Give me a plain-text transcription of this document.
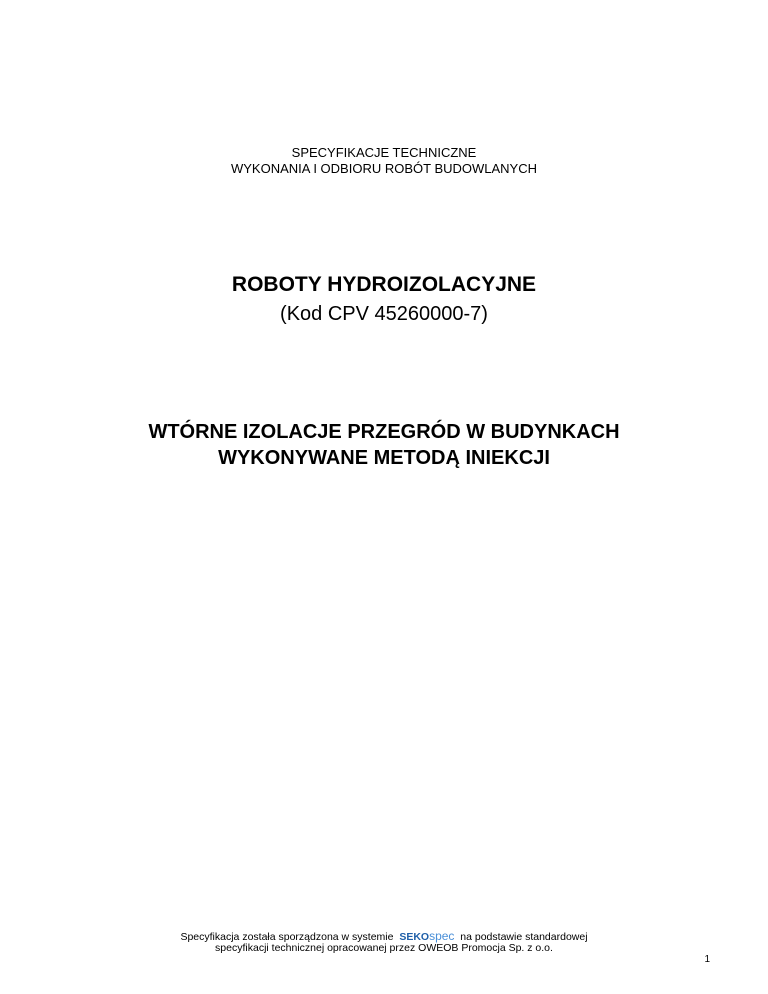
SPECYFIKACJE TECHNICZNE
WYKONANIA I ODBIORU ROBÓT BUDOWLANYCH
ROBOTY HYDROIZOLACYJNE
(Kod CPV 45260000-7)
WTÓRNE IZOLACJE PRZEGRÓD W BUDYNKACH
WYKONYWANE METODĄ INIEKCJI
Specyfikacja została sporządzona w systemie SEKOspec na podstawie standardowej
specyfikacji technicznej opracowanej przez OWEOB Promocja Sp. z o.o.
1
